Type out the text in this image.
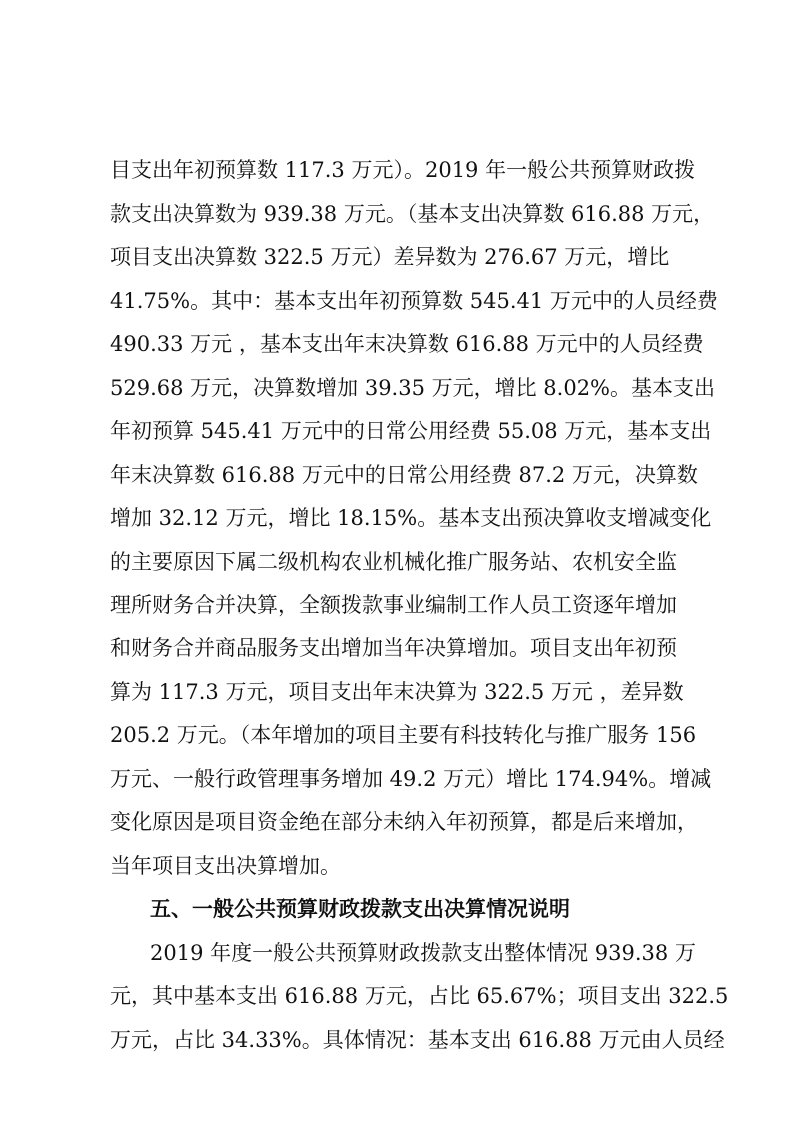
目支出年初预算数 117.3 万元）。2019 年一般公共预算财政拨
款支出决算数为 939.38 万元。（基本支出决算数 616.88 万元，
项目支出决算数 322.5 万元）差异数为 276.67 万元，增比
41.75%。其中：基本支出年初预算数 545.41 万元中的人员经费
490.33 万元 ，基本支出年末决算数 616.88 万元中的人员经费
529.68 万元，决算数增加 39.35 万元，增比 8.02%。基本支出
年初预算 545.41 万元中的日常公用经费 55.08 万元，基本支出
年末决算数 616.88 万元中的日常公用经费 87.2 万元，决算数
增加 32.12 万元，增比 18.15%。基本支出预决算收支增减变化
的主要原因下属二级机构农业机械化推广服务站、农机安全监
理所财务合并决算，全额拨款事业编制工作人员工资逐年增加
和财务合并商品服务支出增加当年决算增加。项目支出年初预
算为 117.3 万元，项目支出年末决算为 322.5 万元 ，差异数
205.2 万元。（本年增加的项目主要有科技转化与推广服务 156
万元、一般行政管理事务增加 49.2 万元）增比 174.94%。增减
变化原因是项目资金绝在部分未纳入年初预算，都是后来增加，
当年项目支出决算增加。
五、一般公共预算财政拨款支出决算情况说明
2019 年度一般公共预算财政拨款支出整体情况 939.38 万
元，其中基本支出 616.88 万元，占比 65.67%；项目支出 322.5
万元，占比 34.33%。具体情况：基本支出 616.88 万元由人员经
